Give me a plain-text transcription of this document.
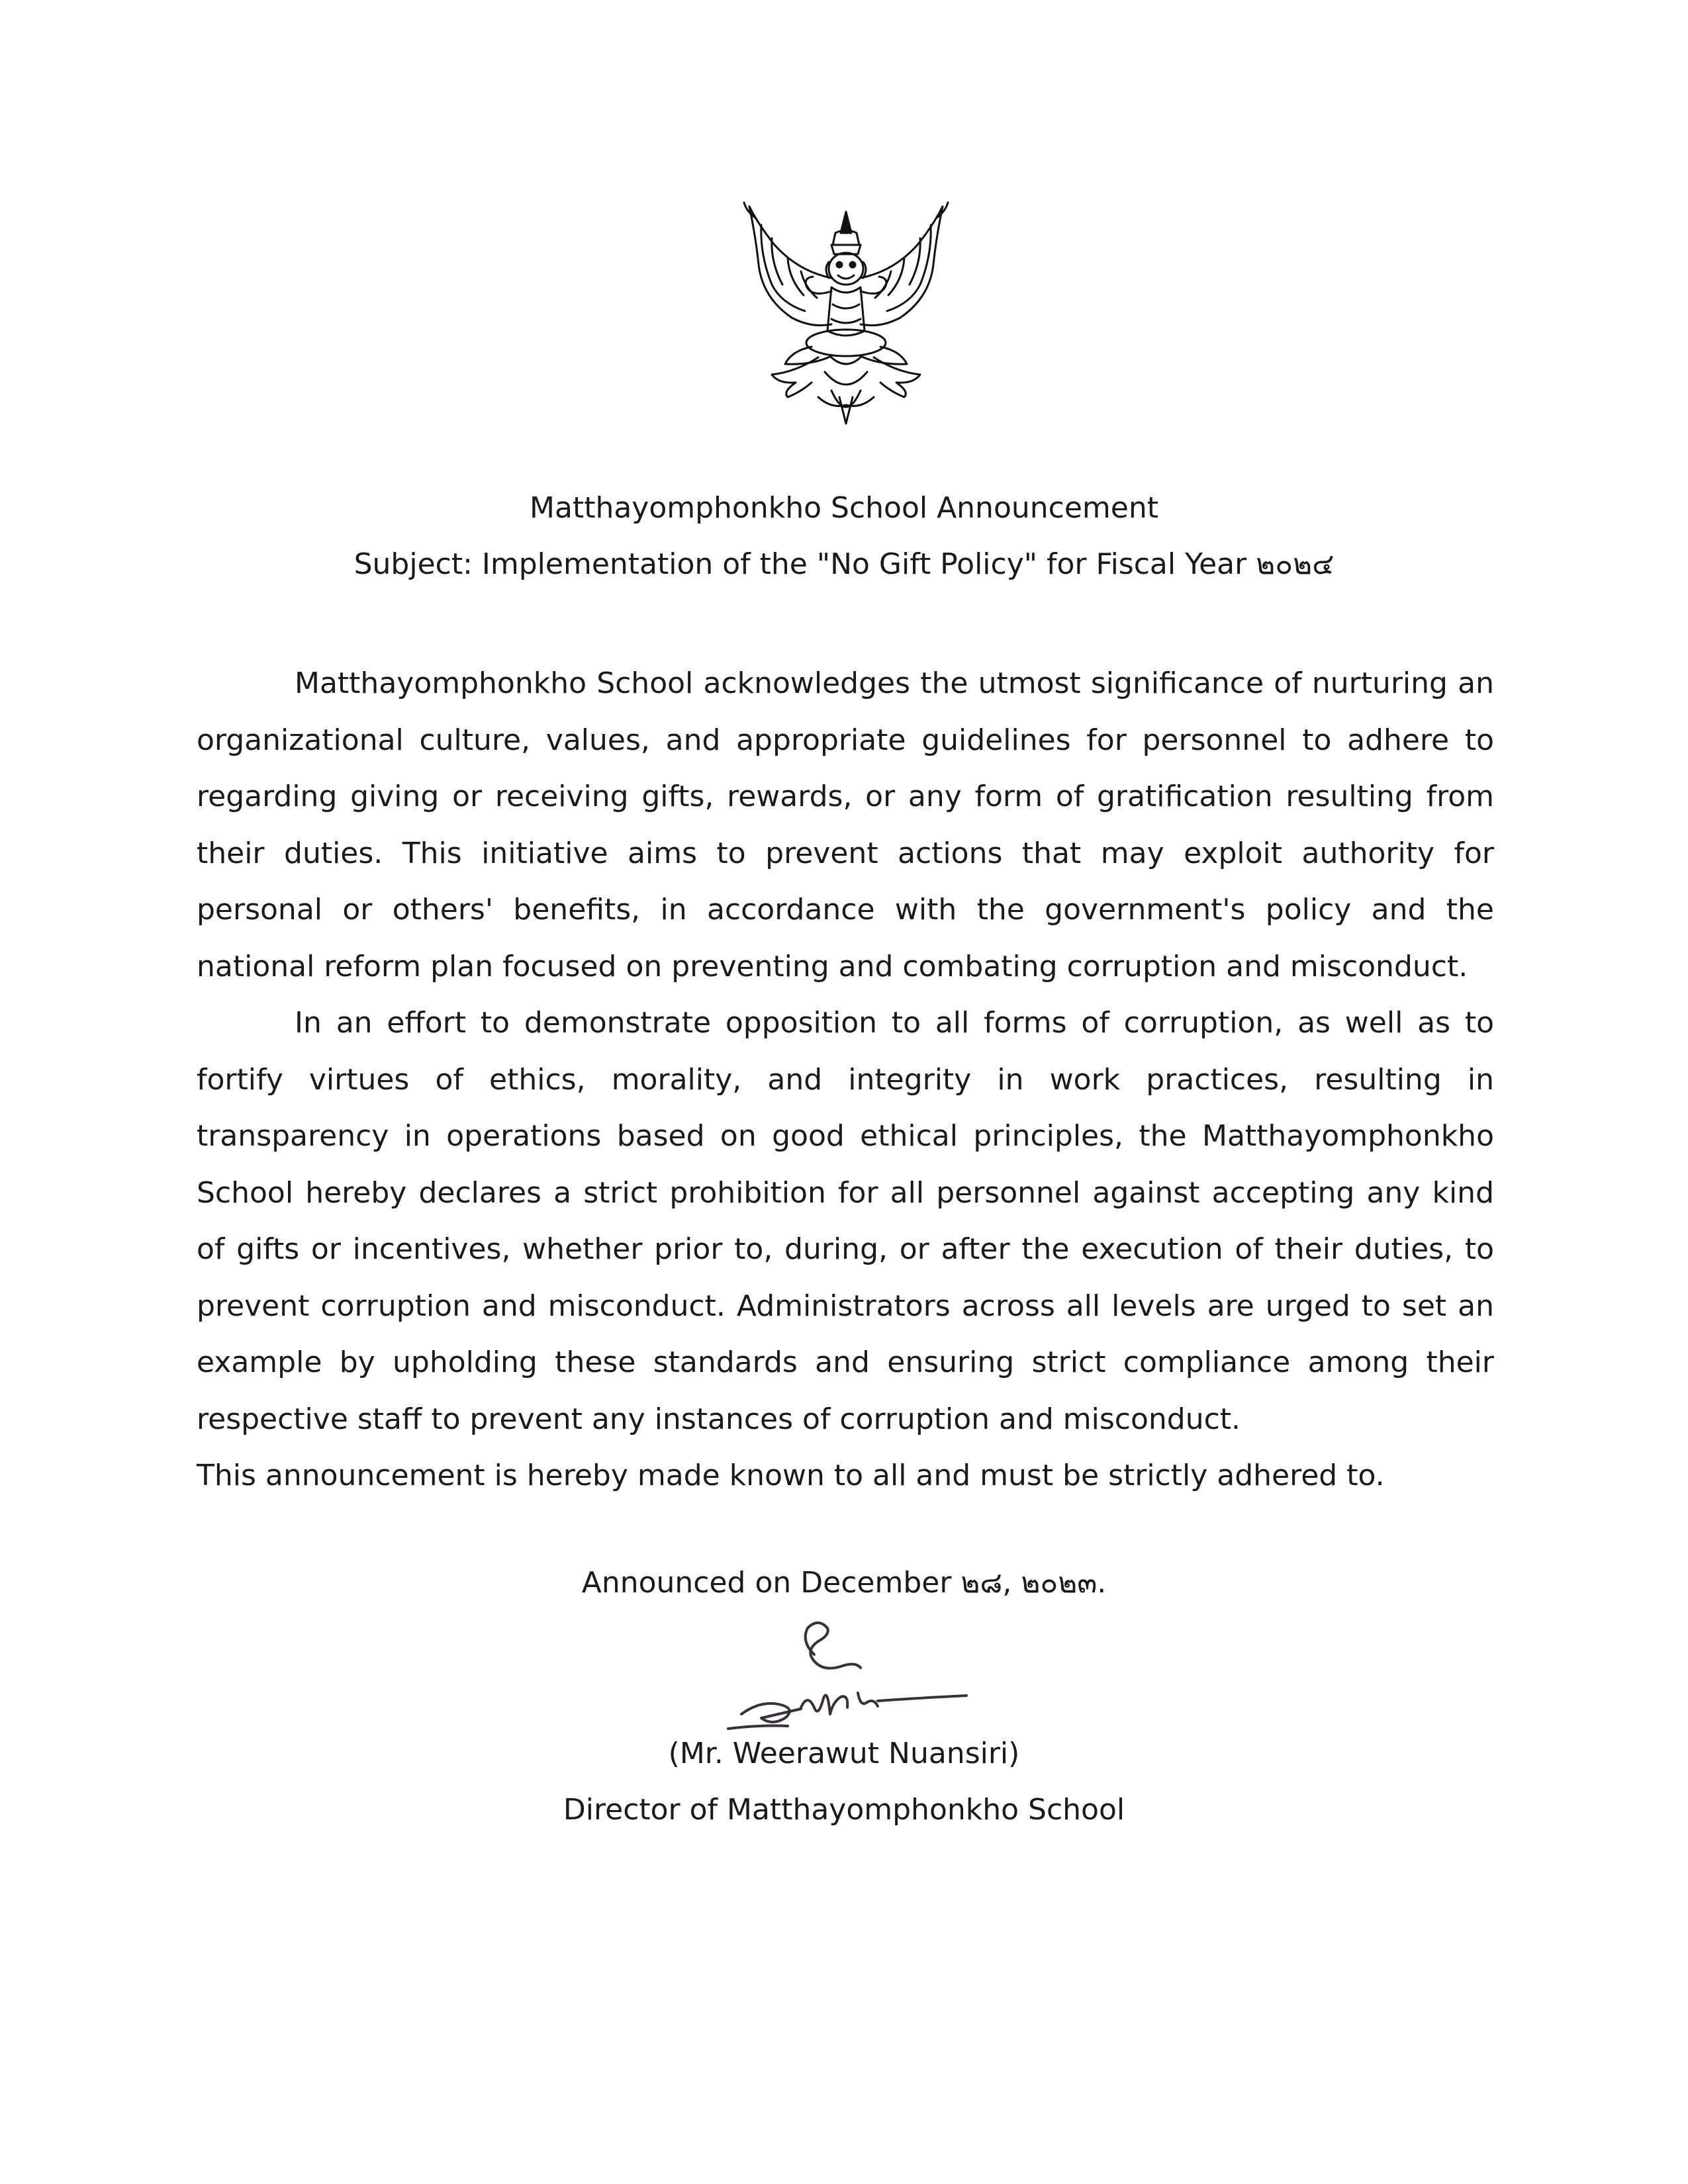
Matthayomphonkho School Announcement
Subject: Implementation of the "No Gift Policy" for Fiscal Year ๒๐๒๔

Matthayomphonkho School acknowledges the utmost significance of nurturing an organizational culture, values, and appropriate guidelines for personnel to adhere to regarding giving or receiving gifts, rewards, or any form of gratification resulting from their duties. This initiative aims to prevent actions that may exploit authority for personal or others' benefits, in accordance with the government's policy and the national reform plan focused on preventing and combating corruption and misconduct.

In an effort to demonstrate opposition to all forms of corruption, as well as to fortify virtues of ethics, morality, and integrity in work practices, resulting in transparency in operations based on good ethical principles, the Matthayomphonkho School hereby declares a strict prohibition for all personnel against accepting any kind of gifts or incentives, whether prior to, during, or after the execution of their duties, to prevent corruption and misconduct. Administrators across all levels are urged to set an example by upholding these standards and ensuring strict compliance among their respective staff to prevent any instances of corruption and misconduct.

This announcement is hereby made known to all and must be strictly adhered to.

Announced on December ๒๘, ๒๐๒๓.
(Mr. Weerawut Nuansiri)
Director of Matthayomphonkho School
